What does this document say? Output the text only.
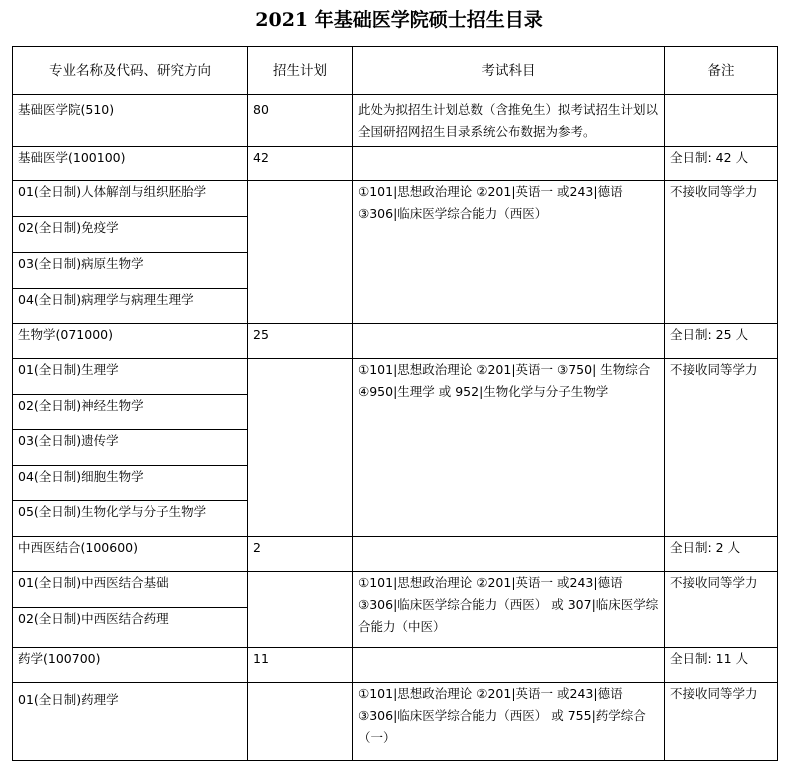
2021 年基础医学院硕士招生目录
专业名称及代码、研究方向	招生计划	考试科目	备注
基础医学院(510)	80	此处为拟招生计划总数（含推免生）拟考试招生计划以全国研招网招生目录系统公布数据为参考。	
基础医学(100100)	42		全日制: 42 人
01(全日制)人体解剖与组织胚胎学		①101|思想政治理论 ②201|英语一 或243|德语 ③306|临床医学综合能力（西医）	不接收同等学力
02(全日制)免疫学			
03(全日制)病原生物学			
04(全日制)病理学与病理生理学			
生物学(071000)	25		全日制: 25 人
01(全日制)生理学		①101|思想政治理论 ②201|英语一 ③750| 生物综合 ④950|生理学 或 952|生物化学与分子生物学	不接收同等学力
02(全日制)神经生物学			
03(全日制)遗传学			
04(全日制)细胞生物学			
05(全日制)生物化学与分子生物学			
中西医结合(100600)	2		全日制: 2 人
01(全日制)中西医结合基础		①101|思想政治理论 ②201|英语一 或243|德语 ③306|临床医学综合能力（西医） 或 307|临床医学综合能力（中医）	不接收同等学力
02(全日制)中西医结合药理			
药学(100700)	11		全日制: 11 人
01(全日制)药理学		①101|思想政治理论 ②201|英语一 或243|德语 ③306|临床医学综合能力（西医） 或 755|药学综合（一）	不接收同等学力
